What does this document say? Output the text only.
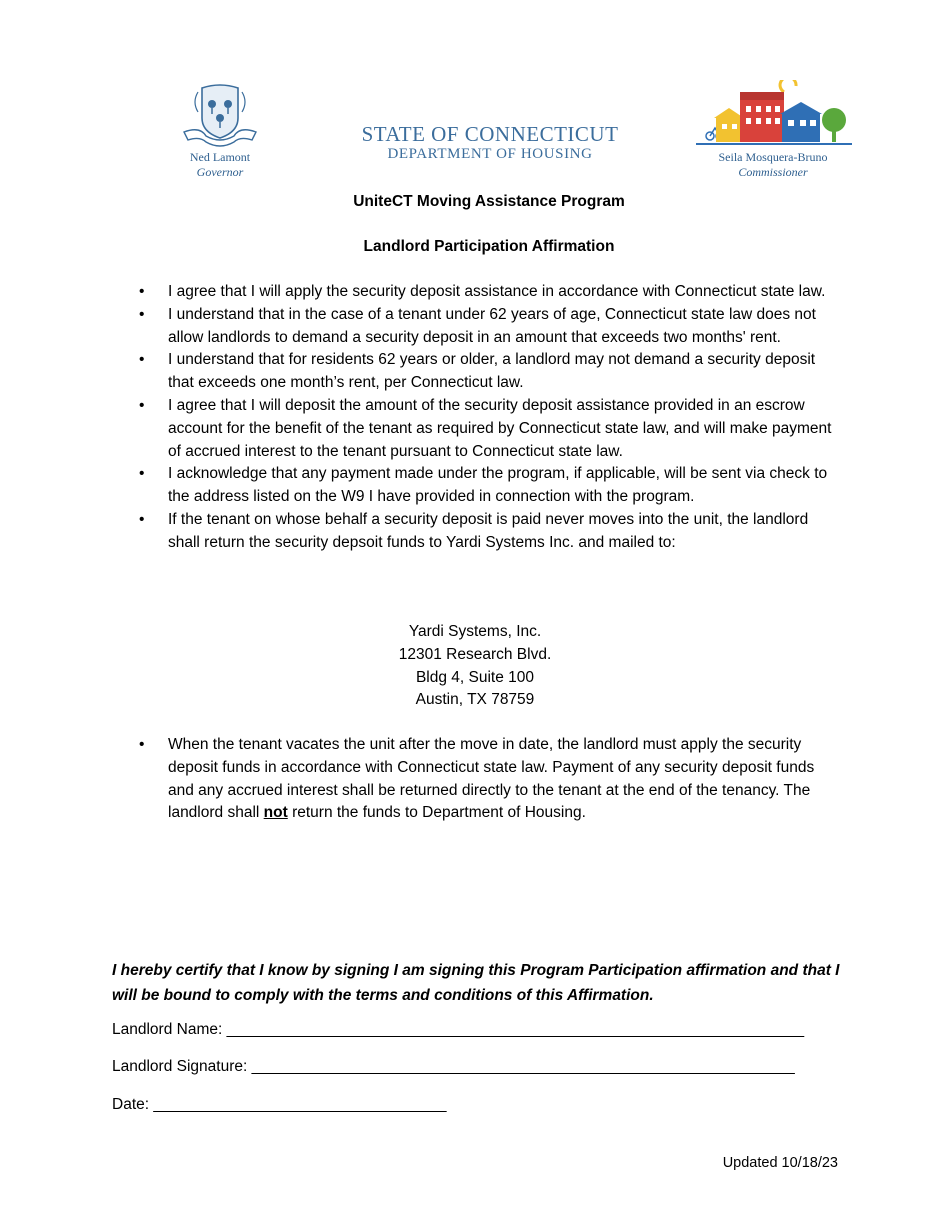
Ned Lamont
Governor
STATE OF CONNECTICUT
DEPARTMENT OF HOUSING	Seila Mosquera-Bruno
Commissioner
UniteCT Moving Assistance Program
Landlord Participation Affirmation
• I agree that I will apply the security deposit assistance in accordance with Connecticut state law.
• I understand that in the case of a tenant under 62 years of age, Connecticut state law does not allow landlords to demand a security deposit in an amount that exceeds two months' rent.
• I understand that for residents 62 years or older, a landlord may not demand a security deposit that exceeds one month’s rent, per Connecticut law.
• I agree that I will deposit the amount of the security deposit assistance provided in an escrow account for the benefit of the tenant as required by Connecticut state law, and will make payment of accrued interest to the tenant pursuant to Connecticut state law.
• I acknowledge that any payment made under the program, if applicable, will be sent via check to the address listed on the W9 I have provided in connection with the program.
• If the tenant on whose behalf a security deposit is paid never moves into the unit, the landlord shall return the security depsoit funds to Yardi Systems Inc. and mailed to:
Yardi Systems, Inc.
12301 Research Blvd.
Bldg 4, Suite 100
Austin, TX 78759
• When the tenant vacates the unit after the move in date, the landlord must apply the security deposit funds in accordance with Connecticut state law. Payment of any security deposit funds and any accrued interest shall be returned directly to the tenant at the end of the tenancy. The landlord shall not return the funds to Department of Housing.
I hereby certify that I know by signing I am signing this Program Participation affirmation and that I will be bound to comply with the terms and conditions of this Affirmation.
Landlord Name: ___________________________________________________________________
Landlord Signature: _______________________________________________________________
Date: __________________________________
Updated 10/18/23
